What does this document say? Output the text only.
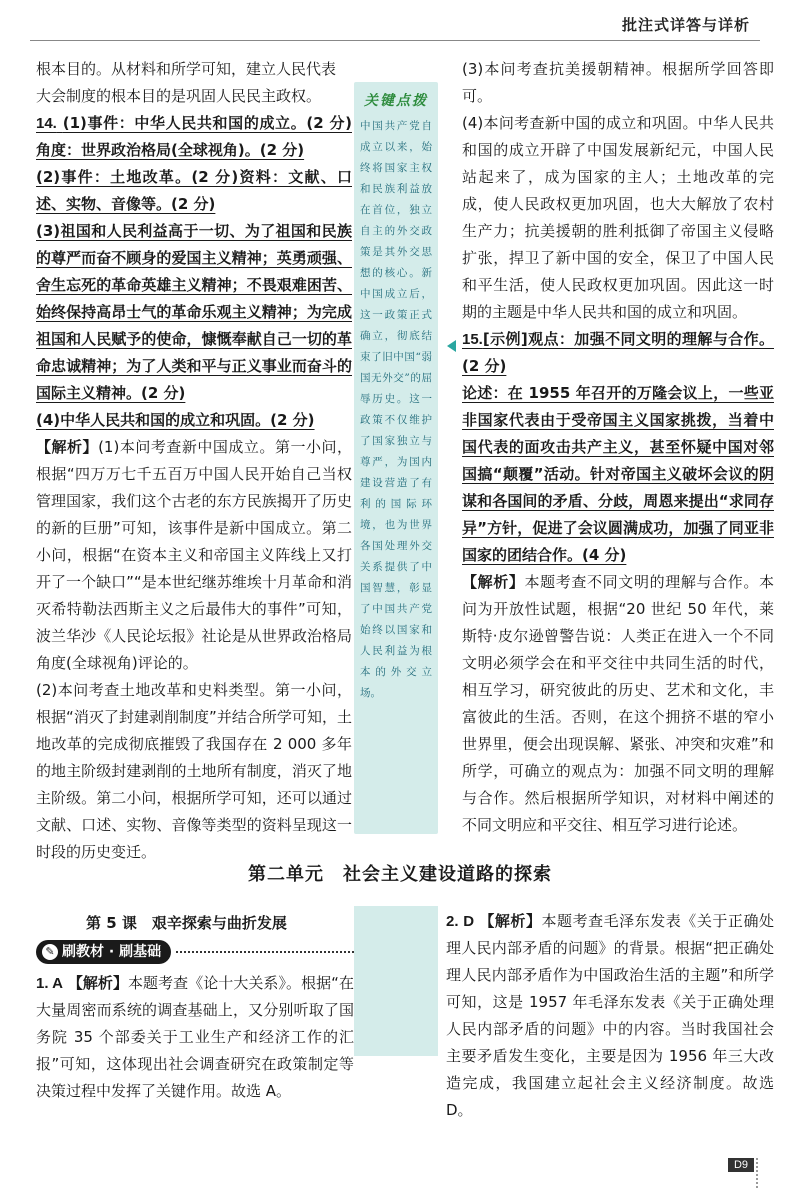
批注式详答与详析

根本目的。从材料和所学可知，建立人民代表

大会制度的根本目的是巩固人民民主政权。

14. (1)事件：中华人民共和国的成立。(2 分)角度：世界政治格局(全球视角)。(2 分)

(2)事件：土地改革。(2 分)资料：文献、口述、实物、音像等。(2 分)

(3)祖国和人民利益高于一切、为了祖国和民族的尊严而奋不顾身的爱国主义精神；英勇顽强、舍生忘死的革命英雄主义精神；不畏艰难困苦、始终保持高昂士气的革命乐观主义精神；为完成祖国和人民赋予的使命，慷慨奉献自己一切的革命忠诚精神；为了人类和平与正义事业而奋斗的国际主义精神。(2 分)

(4)中华人民共和国的成立和巩固。(2 分)

【解析】(1)本问考查新中国成立。第一小问，根据“四万万七千五百万中国人民开始自己当权管理国家，我们这个古老的东方民族揭开了历史的新的巨册”可知，该事件是新中国成立。第二小问，根据“在资本主义和帝国主义阵线上又打开了一个缺口”“是本世纪继苏维埃十月革命和消灭希特勒法西斯主义之后最伟大的事件”可知，波兰华沙《人民论坛报》社论是从世界政治格局角度(全球视角)评论的。

(2)本问考查土地改革和史料类型。第一小问，根据“消灭了封建剥削制度”并结合所学可知，土地改革的完成彻底摧毁了我国存在 2 000 多年的地主阶级封建剥削的土地所有制度，消灭了地主阶级。第二小问，根据所学可知，还可以通过文献、口述、实物、音像等类型的资料呈现这一时段的历史变迁。

关键点拨
中国共产党自成立以来，始终将国家主权和民族利益放在首位，独立自主的外交政策是其外交思想的核心。新中国成立后，这一政策正式确立，彻底结束了旧中国“弱国无外交”的屈辱历史。这一政策不仅维护了国家独立与尊严，为国内建设营造了有利的国际环境，也为世界各国处理外交关系提供了中国智慧，彰显了中国共产党始终以国家和人民利益为根本的外交立场。

(3)本问考查抗美援朝精神。根据所学回答即可。

(4)本问考查新中国的成立和巩固。中华人民共和国的成立开辟了中国发展新纪元，中国人民站起来了，成为国家的主人；土地改革的完成，使人民政权更加巩固，也大大解放了农村生产力；抗美援朝的胜利抵御了帝国主义侵略扩张，捍卫了新中国的安全，保卫了中国人民和平生活，使人民政权更加巩固。因此这一时期的主题是中华人民共和国的成立和巩固。

15.[示例]观点：加强不同文明的理解与合作。(2 分)

论述：在 1955 年召开的万隆会议上，一些亚非国家代表由于受帝国主义国家挑拨，当着中国代表的面攻击共产主义，甚至怀疑中国对邻国搞“颠覆”活动。针对帝国主义破坏会议的阴谋和各国间的矛盾、分歧，周恩来提出“求同存异”方针，促进了会议圆满成功，加强了同亚非国家的团结合作。(4 分)

【解析】本题考查不同文明的理解与合作。本问为开放性试题，根据“20 世纪 50 年代，莱斯特·皮尔逊曾警告说：人类正在进入一个不同文明必须学会在和平交往中共同生活的时代，相互学习，研究彼此的历史、艺术和文化，丰富彼此的生活。否则，在这个拥挤不堪的窄小世界里，便会出现误解、紧张、冲突和灾难”和所学，可确立的观点为：加强不同文明的理解与合作。然后根据所学知识，对材料中阐述的不同文明应和平交往、相互学习进行论述。

第二单元　社会主义建设道路的探索
第 5 课　艰辛探索与曲折发展
✎ 刷教材 · 刷基础

1. A 【解析】本题考查《论十大关系》。根据“在大量周密而系统的调查基础上，又分别听取了国务院 35 个部委关于工业生产和经济工作的汇报”可知，这体现出社会调查研究在政策制定等决策过程中发挥了关键作用。故选 A。

2. D 【解析】本题考查毛泽东发表《关于正确处理人民内部矛盾的问题》的背景。根据“把正确处理人民内部矛盾作为中国政治生活的主题”和所学可知，这是 1957 年毛泽东发表《关于正确处理人民内部矛盾的问题》中的内容。当时我国社会主要矛盾发生变化，主要是因为 1956 年三大改造完成，我国建立起社会主义经济制度。故选 D。

D9
